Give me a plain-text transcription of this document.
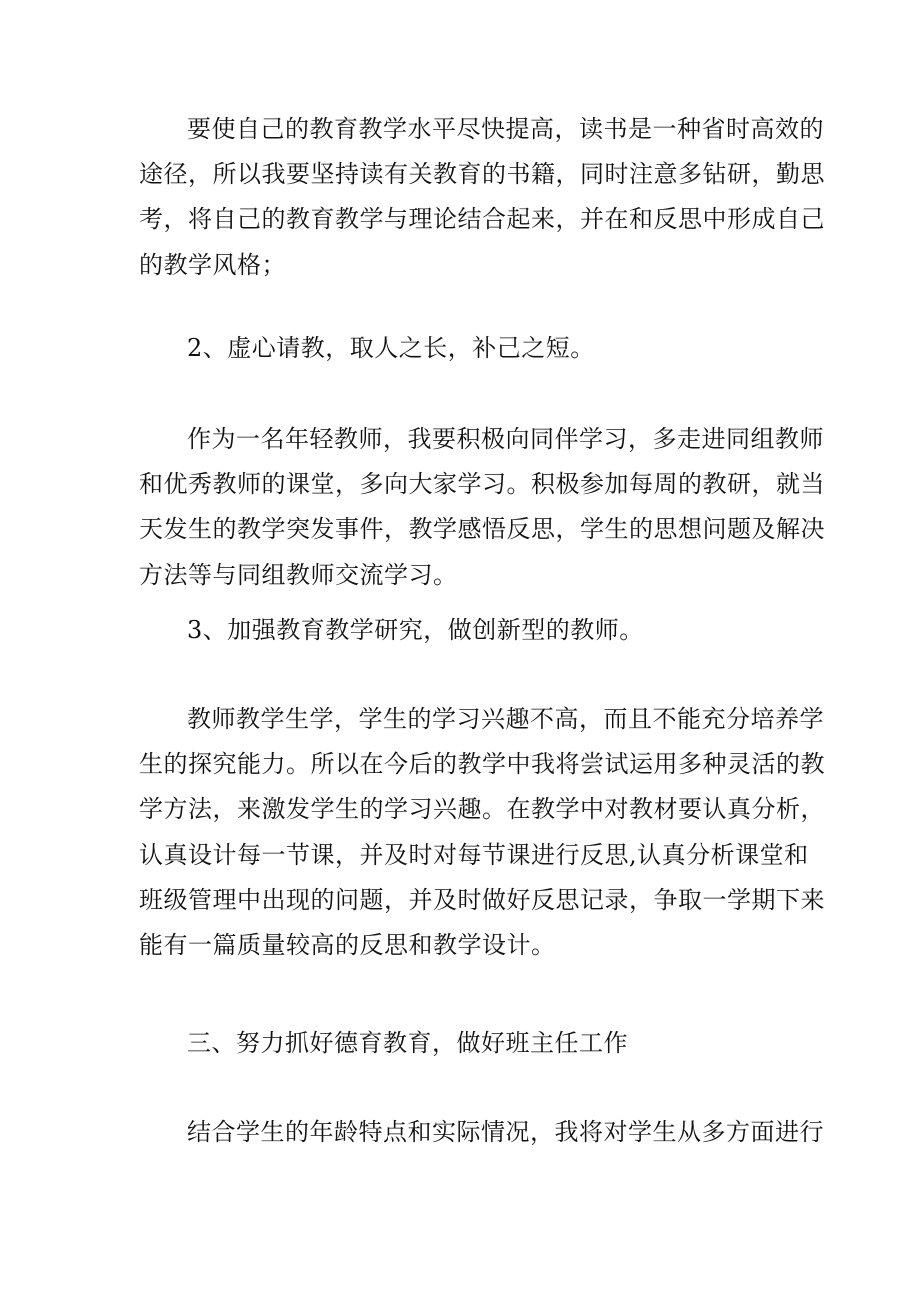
要使自己的教育教学水平尽快提高，读书是一种省时高效的
途径，所以我要坚持读有关教育的书籍，同时注意多钻研，勤思
考，将自己的教育教学与理论结合起来，并在和反思中形成自己
的教学风格；
2、虚心请教，取人之长，补己之短。
作为一名年轻教师，我要积极向同伴学习，多走进同组教师
和优秀教师的课堂，多向大家学习。积极参加每周的教研，就当
天发生的教学突发事件，教学感悟反思，学生的思想问题及解决
方法等与同组教师交流学习。
3、加强教育教学研究，做创新型的教师。
教师教学生学，学生的学习兴趣不高，而且不能充分培养学
生的探究能力。所以在今后的教学中我将尝试运用多种灵活的教
学方法，来激发学生的学习兴趣。在教学中对教材要认真分析，
认真设计每一节课，并及时对每节课进行反思,认真分析课堂和
班级管理中出现的问题，并及时做好反思记录，争取一学期下来
能有一篇质量较高的反思和教学设计。
三、努力抓好德育教育，做好班主任工作
结合学生的年龄特点和实际情况，我将对学生从多方面进行
